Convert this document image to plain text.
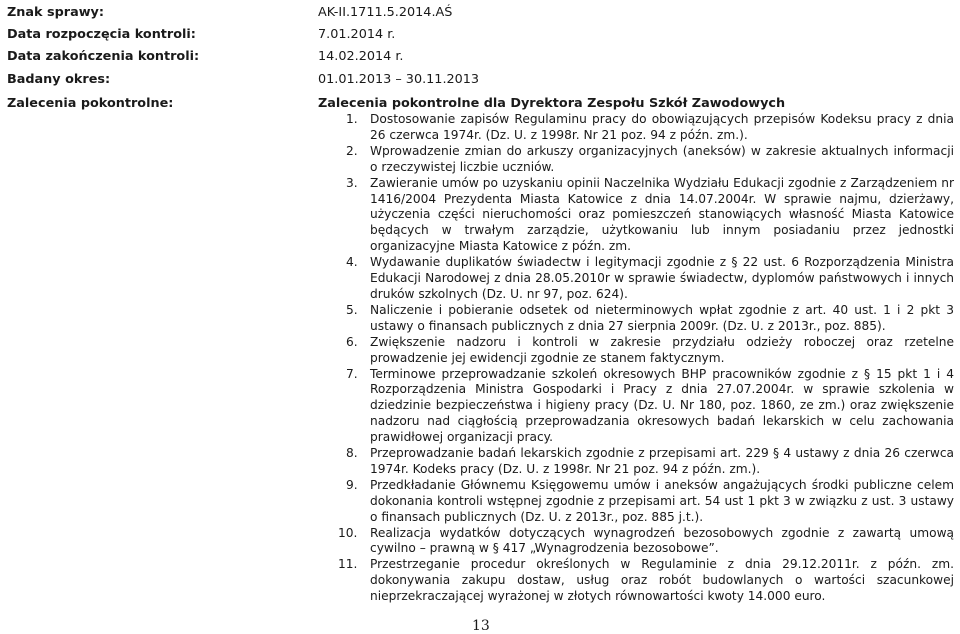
Znak sprawy:	AK-II.1711.5.2014.AŚ
Data rozpoczęcia kontroli:	7.01.2014 r.
Data zakończenia kontroli:	14.02.2014 r.
Badany okres:	01.01.2013 – 30.11.2013
Zalecenia pokontrolne:	Zalecenia pokontrolne dla Dyrektora Zespołu Szkół Zawodowych
1. Dostosowanie zapisów Regulaminu pracy do obowiązujących przepisów Kodeksu pracy z dnia 26 czerwca 1974r. (Dz. U. z 1998r. Nr 21 poz. 94 z późn. zm.).
2. Wprowadzenie zmian do arkuszy organizacyjnych (aneksów) w zakresie aktualnych informacji o rzeczywistej liczbie uczniów.
3. Zawieranie umów po uzyskaniu opinii Naczelnika Wydziału Edukacji zgodnie z Zarządzeniem nr 1416/2004 Prezydenta Miasta Katowice z dnia 14.07.2004r. W sprawie najmu, dzierżawy, użyczenia części nieruchomości oraz pomieszczeń stanowiących własność Miasta Katowice będących w trwałym zarządzie, użytkowaniu lub innym posiadaniu przez jednostki organizacyjne Miasta Katowice z późn. zm.
4. Wydawanie duplikatów świadectw i legitymacji zgodnie z § 22 ust. 6 Rozporządzenia Ministra Edukacji Narodowej z dnia 28.05.2010r w sprawie świadectw, dyplomów państwowych i innych druków szkolnych (Dz. U. nr 97, poz. 624).
5. Naliczenie i pobieranie odsetek od nieterminowych wpłat zgodnie z art. 40 ust. 1 i 2 pkt 3 ustawy o finansach publicznych z dnia 27 sierpnia 2009r. (Dz. U. z 2013r., poz. 885).
6. Zwiększenie nadzoru i kontroli w zakresie przydziału odzieży roboczej oraz rzetelne prowadzenie jej ewidencji zgodnie ze stanem faktycznym.
7. Terminowe przeprowadzanie szkoleń okresowych BHP pracowników zgodnie z § 15 pkt 1 i 4 Rozporządzenia Ministra Gospodarki i Pracy z dnia 27.07.2004r. w sprawie szkolenia w dziedzinie bezpieczeństwa i higieny pracy (Dz. U. Nr 180, poz. 1860, ze zm.) oraz zwiększenie nadzoru nad ciągłością przeprowadzania okresowych badań lekarskich w celu zachowania prawidłowej organizacji pracy.
8. Przeprowadzanie badań lekarskich zgodnie z przepisami art. 229 § 4 ustawy z dnia 26 czerwca 1974r. Kodeks pracy (Dz. U. z 1998r. Nr 21 poz. 94 z późn. zm.).
9. Przedkładanie Głównemu Księgowemu umów i aneksów angażujących środki publiczne celem dokonania kontroli wstępnej zgodnie z przepisami art. 54 ust 1 pkt 3 w związku z ust. 3 ustawy o finansach publicznych (Dz. U. z 2013r., poz. 885 j.t.).
10. Realizacja wydatków dotyczących wynagrodzeń bezosobowych zgodnie z zawartą umową cywilno – prawną w § 417 „Wynagrodzenia bezosobowe”.
11. Przestrzeganie procedur określonych w Regulaminie z dnia 29.12.2011r. z późn. zm. dokonywania zakupu dostaw, usług oraz robót budowlanych o wartości szacunkowej nieprzekraczającej wyrażonej w złotych równowartości kwoty 14.000 euro.
13
